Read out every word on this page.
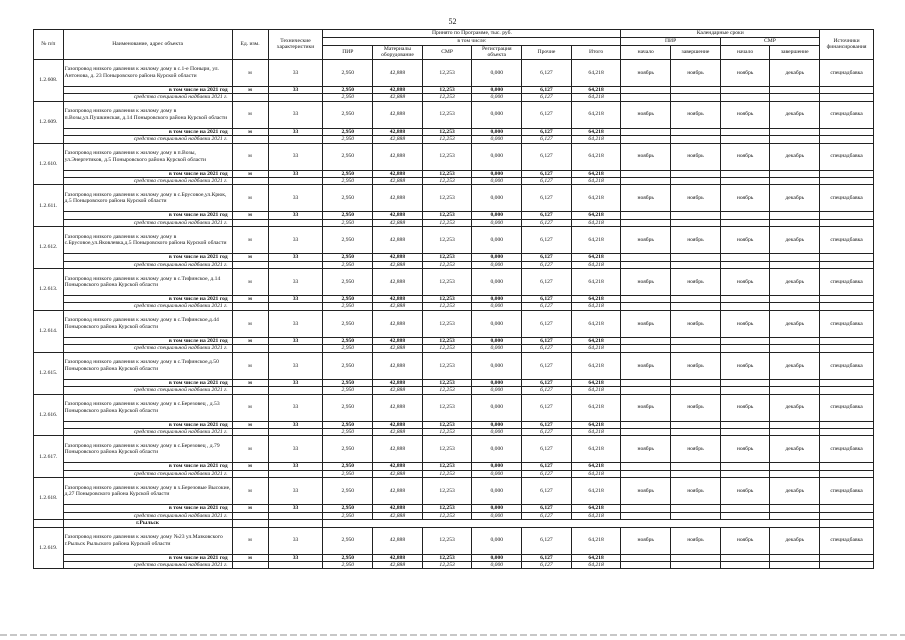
52
№ п/п	Наименование, адрес объекта	Ед. изм.	Технические характеристики	Принято по Программе, тыс. руб.						Календарные сроки				Источники финансирования
				в том числе:						ПИР		СМР		
				ПИР	Материалы оборудование	СМР	Регистрация объекта	Прочие	Итого	начало	завершение	начало	завершение	
1.2.608.	Газопровод низкого давления к жилому дому в с.1-е Поныри, ул. Антонова, д. 23 Поныровского района Курской области	м	33	2,950	42,888	12,253	0,000	6,127	64,218	ноябрь	ноябрь	ноябрь	декабрь	спецнадбавка
	в том числе на 2021 год	м	33	2,950	42,888	12,253	0,000	6,127	64,218					
	средства специальной надбавки 2021 г.			2,950	42,888	12,253	0,000	6,127	64,218					
1.2.609.	Газопровод низкого давления к жилому дому в п.Возы,ул.Пушкинская, д.14 Поныровского района Курской области	м	33	2,950	42,888	12,253	0,000	6,127	64,218	ноябрь	ноябрь	ноябрь	декабрь	спецнадбавка
	в том числе на 2021 год	м	33	2,950	42,888	12,253	0,000	6,127	64,218					
	средства специальной надбавки 2021 г.			2,950	42,888	12,253	0,000	6,127	64,218					
1.2.610.	Газопровод низкого давления к жилому дому в п.Возы, ул.Энергетиков, д.5 Поныровского района Курской области	м	33	2,950	42,888	12,253	0,000	6,127	64,218	ноябрь	ноябрь	ноябрь	декабрь	спецнадбавка
	в том числе на 2021 год	м	33	2,950	42,888	12,253	0,000	6,127	64,218					
	средства специальной надбавки 2021 г.			2,950	42,888	12,253	0,000	6,127	64,218					
1.2.611.	Газопровод низкого давления к жилому дому в с.Брусовое,ул.Крюк, д.5 Поныровского района Курской области	м	33	2,950	42,888	12,253	0,000	6,127	64,218	ноябрь	ноябрь	ноябрь	декабрь	спецнадбавка
	в том числе на 2021 год	м	33	2,950	42,888	12,253	0,000	6,127	64,218					
	средства специальной надбавки 2021 г.			2,950	42,888	12,253	0,000	6,127	64,218					
1.2.612.	Газопровод низкого давления к жилому дому в с.Брусовое,ул.Яковлевка,д.5 Поныровского района Курской области	м	33	2,950	42,888	12,253	0,000	6,127	64,218	ноябрь	ноябрь	ноябрь	декабрь	спецнадбавка
	в том числе на 2021 год	м	33	2,950	42,888	12,253	0,000	6,127	64,218					
	средства специальной надбавки 2021 г.			2,950	42,888	12,253	0,000	6,127	64,218					
1.2.613.	Газопровод низкого давления к жилому дому в с.Тифинское, д.14 Поныровского района Курской области	м	33	2,950	42,888	12,253	0,000	6,127	64,218	ноябрь	ноябрь	ноябрь	декабрь	спецнадбавка
	в том числе на 2021 год	м	33	2,950	42,888	12,253	0,000	6,127	64,218					
	средства специальной надбавки 2021 г.			2,950	42,888	12,253	0,000	6,127	64,218					
1.2.614.	Газопровод низкого давления к жилому дому в с.Тифинское,д.44 Поныровского района Курской области	м	33	2,950	42,888	12,253	0,000	6,127	64,218	ноябрь	ноябрь	ноябрь	декабрь	спецнадбавка
	в том числе на 2021 год	м	33	2,950	42,888	12,253	0,000	6,127	64,218					
	средства специальной надбавки 2021 г.			2,950	42,888	12,253	0,000	6,127	64,218					
1.2.615.	Газопровод низкого давления к жилому дому в с.Тифинское,д.50 Поныровского района Курской области	м	33	2,950	42,888	12,253	0,000	6,127	64,218	ноябрь	ноябрь	ноябрь	декабрь	спецнадбавка
	в том числе на 2021 год	м	33	2,950	42,888	12,253	0,000	6,127	64,218					
	средства специальной надбавки 2021 г.			2,950	42,888	12,253	0,000	6,127	64,218					
1.2.616.	Газопровод низкого давления к жилому дому в с.Березовец , д.53 Поныровского района Курской области	м	33	2,950	42,888	12,253	0,000	6,127	64,218	ноябрь	ноябрь	ноябрь	декабрь	спецнадбавка
	в том числе на 2021 год	м	33	2,950	42,888	12,253	0,000	6,127	64,218					
	средства специальной надбавки 2021 г.			2,950	42,888	12,253	0,000	6,127	64,218					
1.2.617.	Газопровод низкого давления к жилому дому в с.Березовец , д.79 Поныровского района Курской области	м	33	2,950	42,888	12,253	0,000	6,127	64,218	ноябрь	ноябрь	ноябрь	декабрь	спецнадбавка
	в том числе на 2021 год	м	33	2,950	42,888	12,253	0,000	6,127	64,218					
	средства специальной надбавки 2021 г.			2,950	42,888	12,253	0,000	6,127	64,218					
1.2.618.	Газопровод низкого давления к жилому дому в х.Березовые Высокие, д.27 Поныровского района Курской области	м	33	2,950	42,888	12,253	0,000	6,127	64,218	ноябрь	ноябрь	ноябрь	декабрь	спецнадбавка
	в том числе на 2021 год	м	33	2,950	42,888	12,253	0,000	6,127	64,218					
	средства специальной надбавки 2021 г.			2,950	42,888	12,253	0,000	6,127	64,218					
	г.Рыльск													
1.2.619.	Газопровод низкого давления к жилому дому №23 ул.Мазковского г.Рыльск Рыльского района Курской области	м	33	2,950	42,888	12,253	0,000	6,127	64,218	ноябрь	ноябрь	ноябрь	декабрь	спецнадбавка
	в том числе на 2021 год	м	33	2,950	42,888	12,253	0,000	6,127	64,218					
	средства специальной надбавки 2021 г.			2,950	42,888	12,253	0,000	6,127	64,218					
